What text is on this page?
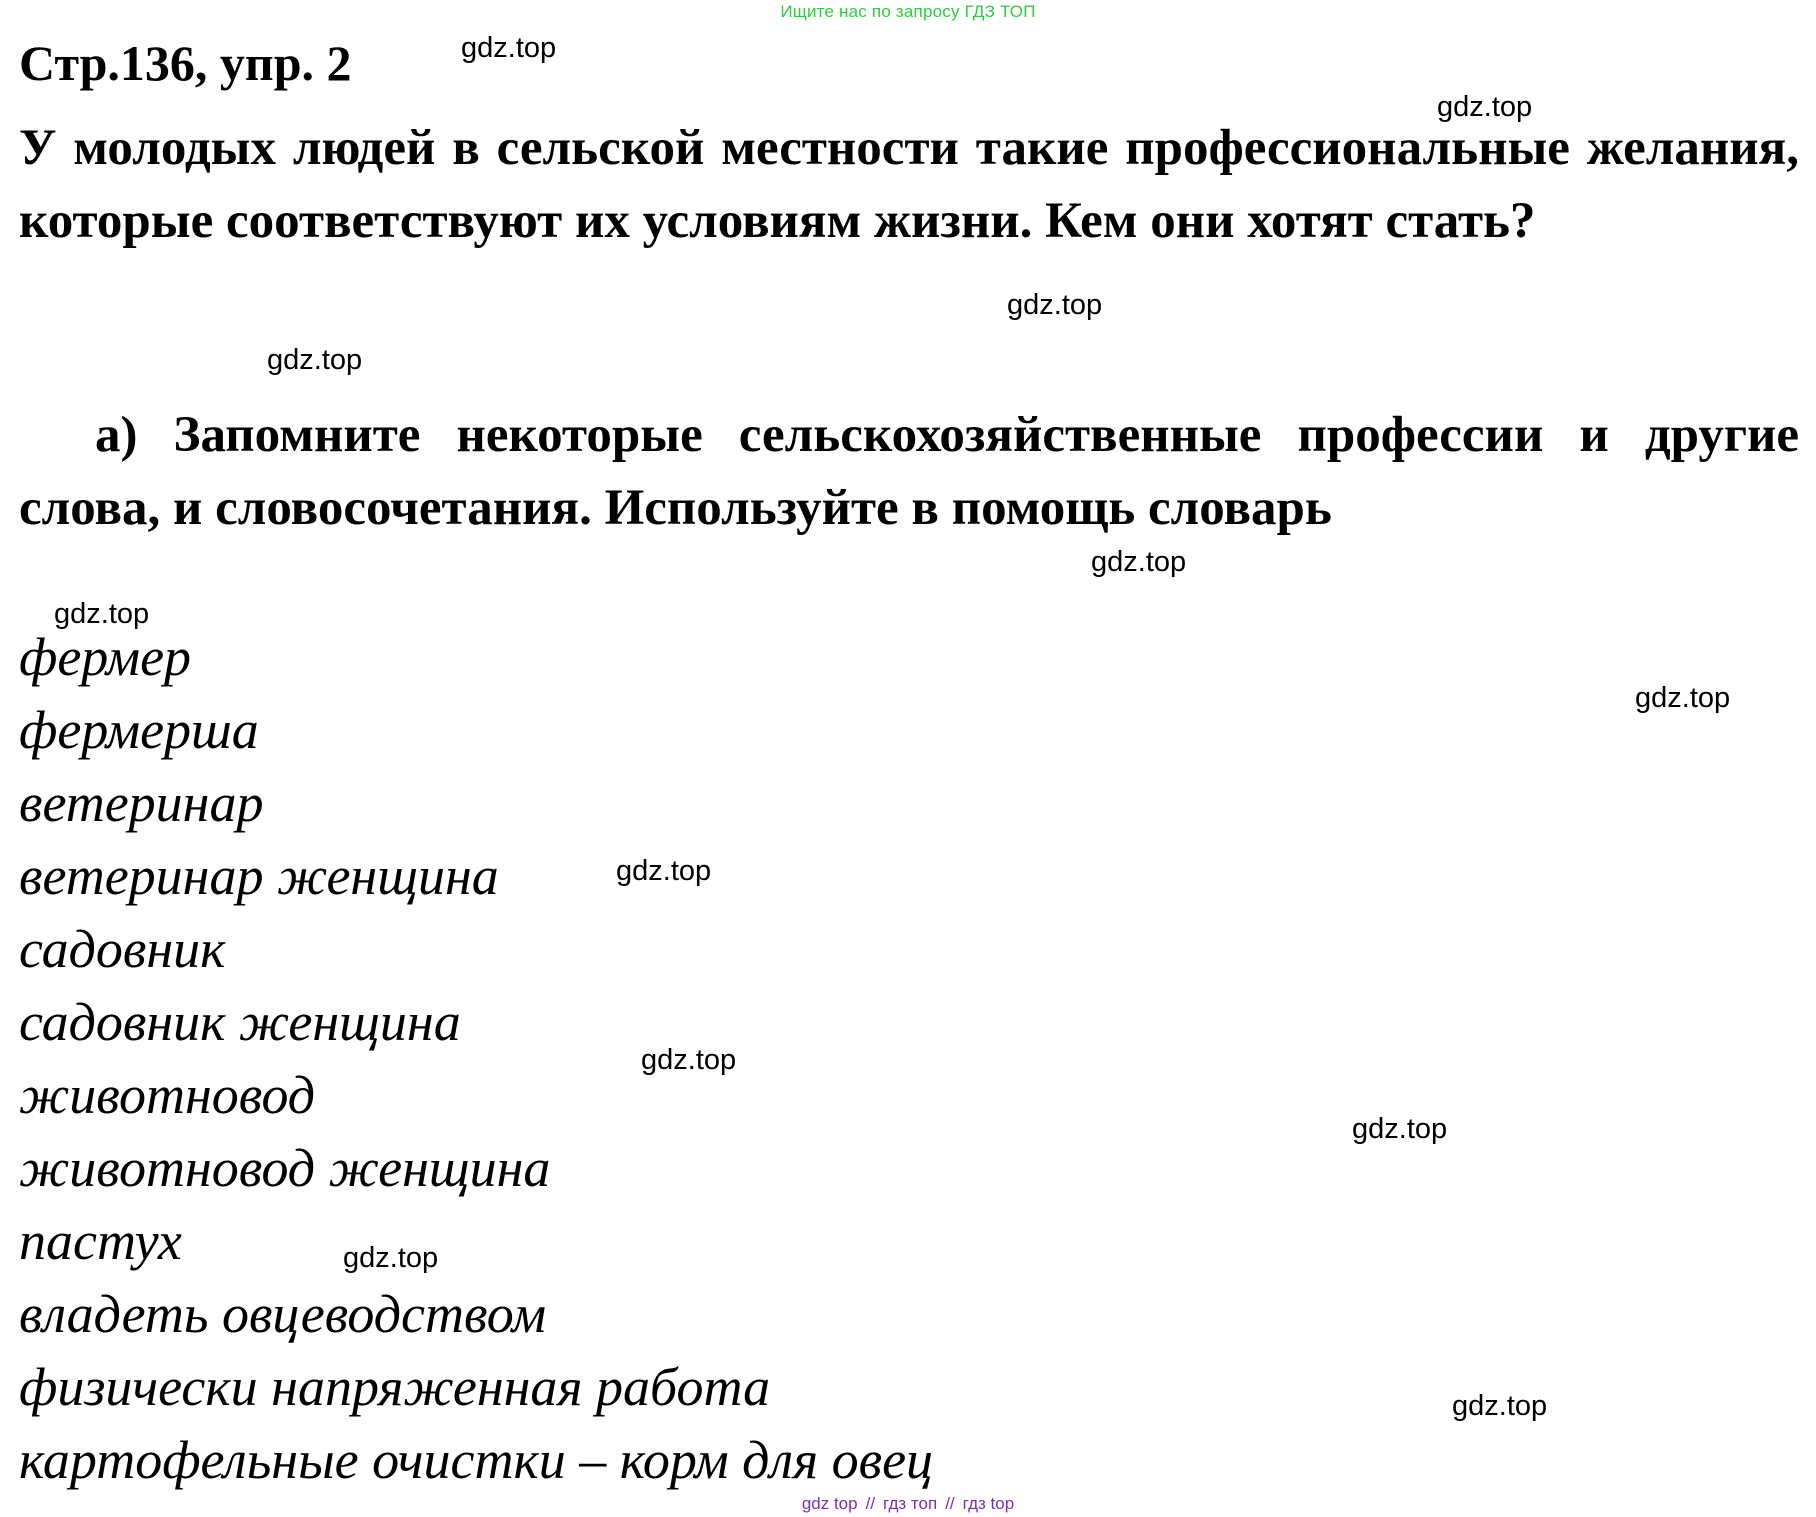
Ищите нас по запросу ГДЗ ТОП
Стр.136, упр. 2

У молодых людей в сельской местности такие профессиональные желания, которые соответствуют их условиям жизни. Кем они хотят стать?

а) Запомните некоторые сельскохозяйственные профессии и другие слова, и словосочетания. Используйте в помощь словарь

фермер
фермерша
ветеринар
ветеринар женщина
садовник
садовник женщина
животновод
животновод женщина
пастух
владеть овцеводством
физически напряженная работа
картофельные очистки – корм для овец
gdz.top
gdz.top
gdz.top
gdz.top
gdz.top
gdz.top
gdz.top
gdz.top
gdz.top
gdz.top
gdz.top
gdz.top
gdz top // гдз топ // гдз top
